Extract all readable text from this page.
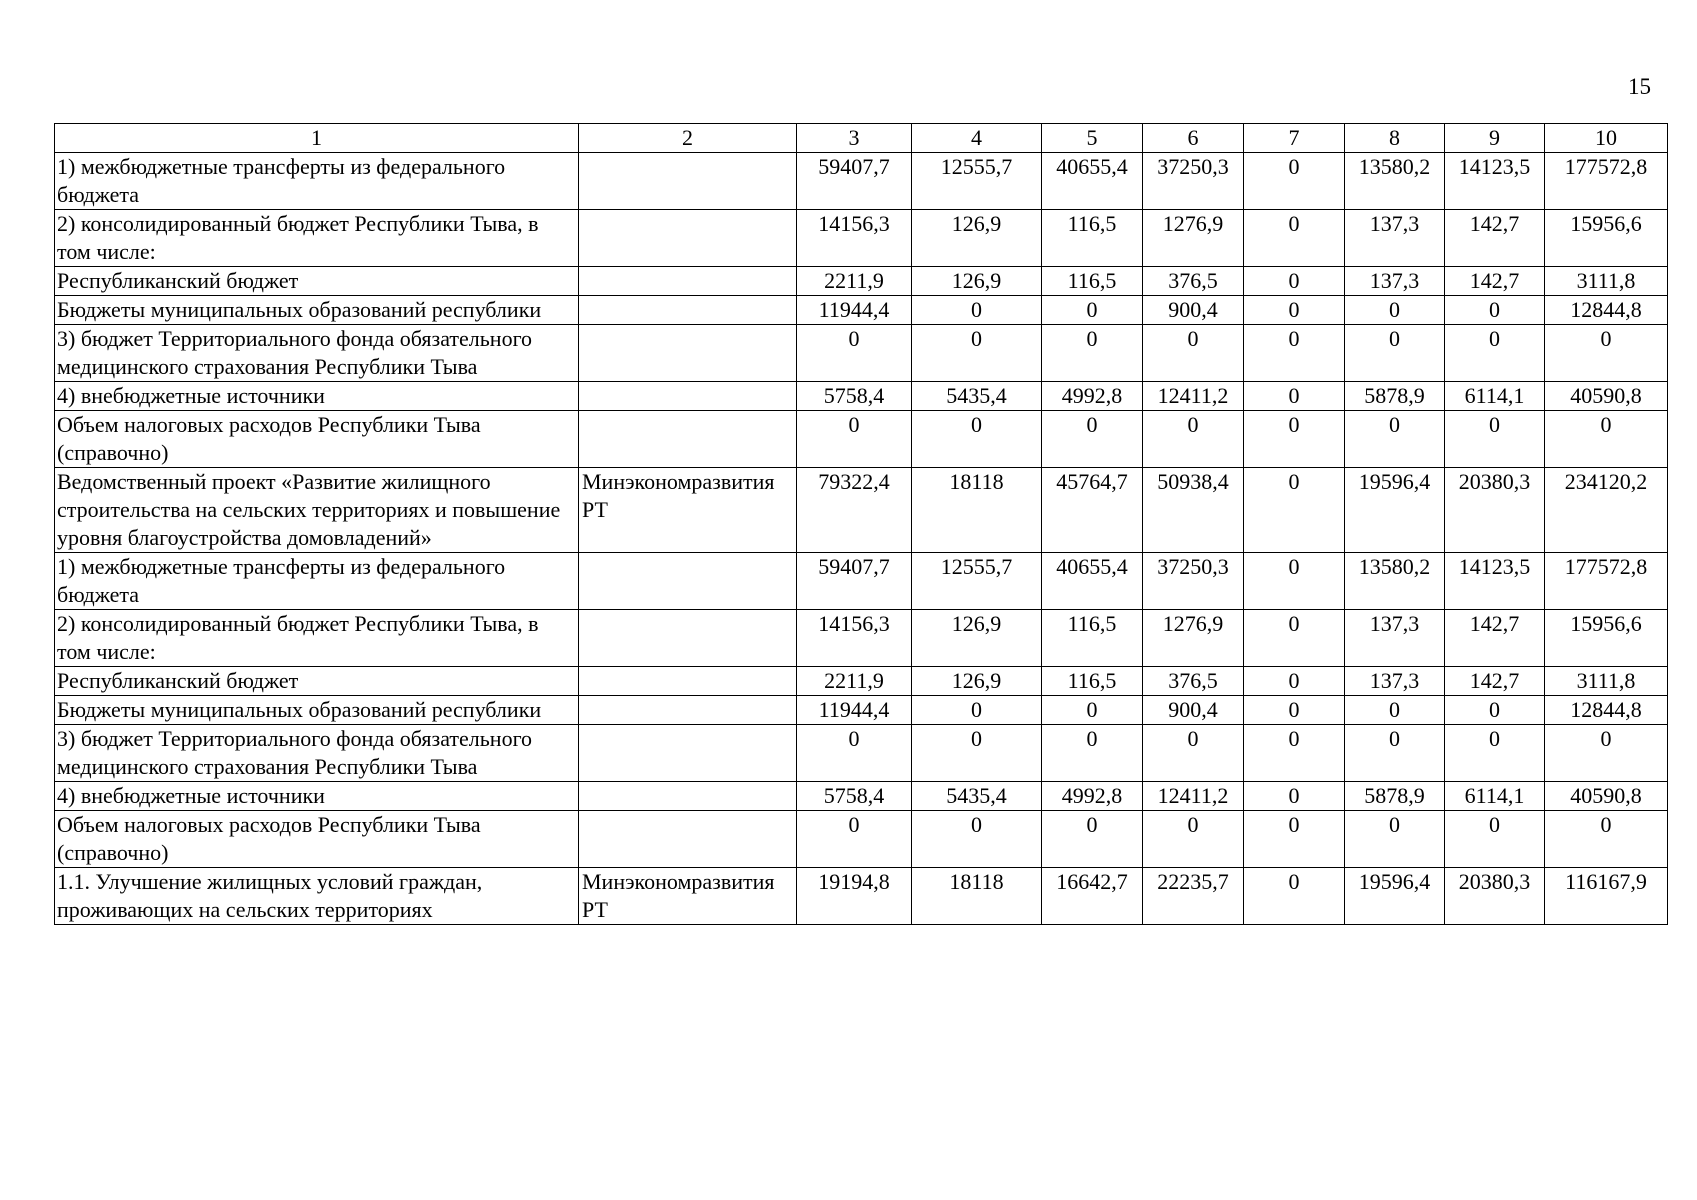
15
1	2	3	4	5	6	7	8	9	10
1) межбюджетные трансферты из федерального бюджета		59407,7	12555,7	40655,4	37250,3	0	13580,2	14123,5	177572,8
2) консолидированный бюджет Республики Тыва, в том числе:		14156,3	126,9	116,5	1276,9	0	137,3	142,7	15956,6
Республиканский бюджет		2211,9	126,9	116,5	376,5	0	137,3	142,7	3111,8
Бюджеты муниципальных образований республики		11944,4	0	0	900,4	0	0	0	12844,8
3) бюджет Территориального фонда обязательного медицинского страхования Республики Тыва		0	0	0	0	0	0	0	0
4) внебюджетные источники		5758,4	5435,4	4992,8	12411,2	0	5878,9	6114,1	40590,8
Объем налоговых расходов Республики Тыва (справочно)		0	0	0	0	0	0	0	0
Ведомственный проект «Развитие жилищного строительства на сельских территориях и повышение уровня благоустройства домовладений»	Минэкономразвития РТ	79322,4	18118	45764,7	50938,4	0	19596,4	20380,3	234120,2
1) межбюджетные трансферты из федерального бюджета		59407,7	12555,7	40655,4	37250,3	0	13580,2	14123,5	177572,8
2) консолидированный бюджет Республики Тыва, в том числе:		14156,3	126,9	116,5	1276,9	0	137,3	142,7	15956,6
Республиканский бюджет		2211,9	126,9	116,5	376,5	0	137,3	142,7	3111,8
Бюджеты муниципальных образований республики		11944,4	0	0	900,4	0	0	0	12844,8
3) бюджет Территориального фонда обязательного медицинского страхования Республики Тыва		0	0	0	0	0	0	0	0
4) внебюджетные источники		5758,4	5435,4	4992,8	12411,2	0	5878,9	6114,1	40590,8
Объем налоговых расходов Республики Тыва (справочно)		0	0	0	0	0	0	0	0
1.1. Улучшение жилищных условий граждан, проживающих на сельских территориях	Минэкономразвития РТ	19194,8	18118	16642,7	22235,7	0	19596,4	20380,3	116167,9
